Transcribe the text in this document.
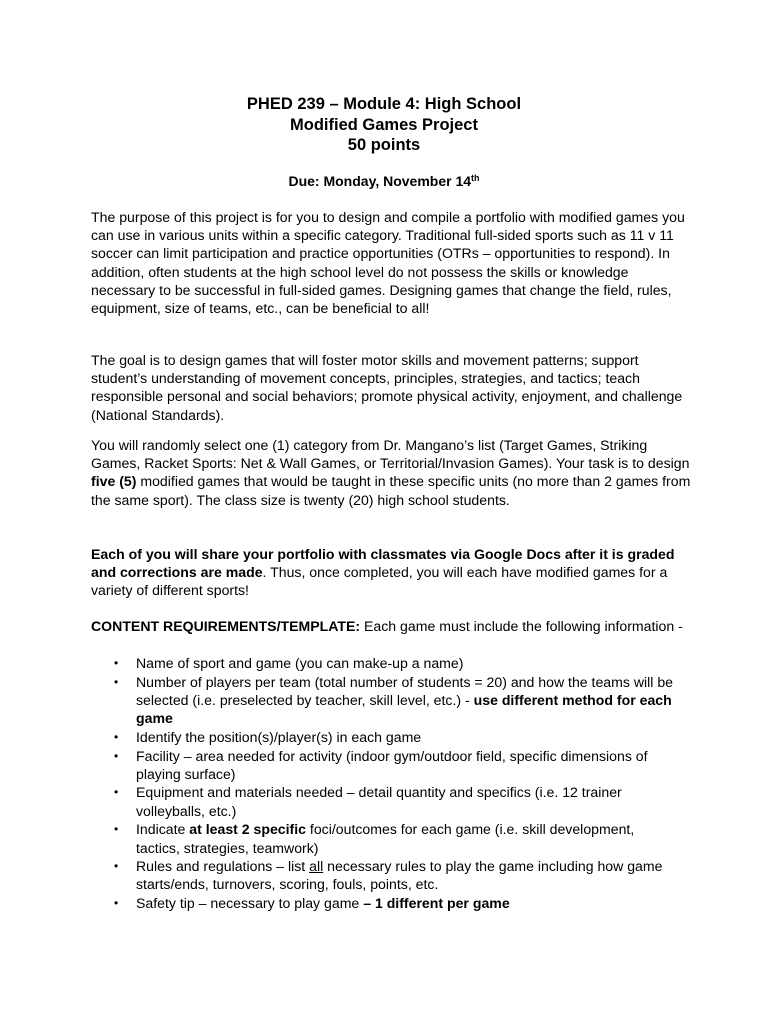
PHED 239 – Module 4: High School
Modified Games Project
50 points
Due: Monday, November 14th

The purpose of this project is for you to design and compile a portfolio with modified games you can use in various units within a specific category. Traditional full-sided sports such as 11 v 11 soccer can limit participation and practice opportunities (OTRs – opportunities to respond). In addition, often students at the high school level do not possess the skills or knowledge necessary to be successful in full-sided games. Designing games that change the field, rules, equipment, size of teams, etc., can be beneficial to all!

The goal is to design games that will foster motor skills and movement patterns; support student’s understanding of movement concepts, principles, strategies, and tactics; teach responsible personal and social behaviors; promote physical activity, enjoyment, and challenge (National Standards).

You will randomly select one (1) category from Dr. Mangano’s list (Target Games, Striking Games, Racket Sports: Net & Wall Games, or Territorial/Invasion Games). Your task is to design five (5) modified games that would be taught in these specific units (no more than 2 games from the same sport). The class size is twenty (20) high school students.

Each of you will share your portfolio with classmates via Google Docs after it is graded and corrections are made. Thus, once completed, you will each have modified games for a variety of different sports!

CONTENT REQUIREMENTS/TEMPLATE: Each game must include the following information -

• Name of sport and game (you can make-up a name)
• Number of players per team (total number of students = 20) and how the teams will be selected (i.e. preselected by teacher, skill level, etc.) - use different method for each game
• Identify the position(s)/player(s) in each game
• Facility – area needed for activity (indoor gym/outdoor field, specific dimensions of playing surface)
• Equipment and materials needed – detail quantity and specifics (i.e. 12 trainer volleyballs, etc.)
• Indicate at least 2 specific foci/outcomes for each game (i.e. skill development, tactics, strategies, teamwork)
• Rules and regulations – list all necessary rules to play the game including how game starts/ends, turnovers, scoring, fouls, points, etc.
• Safety tip – necessary to play game – 1 different per game
